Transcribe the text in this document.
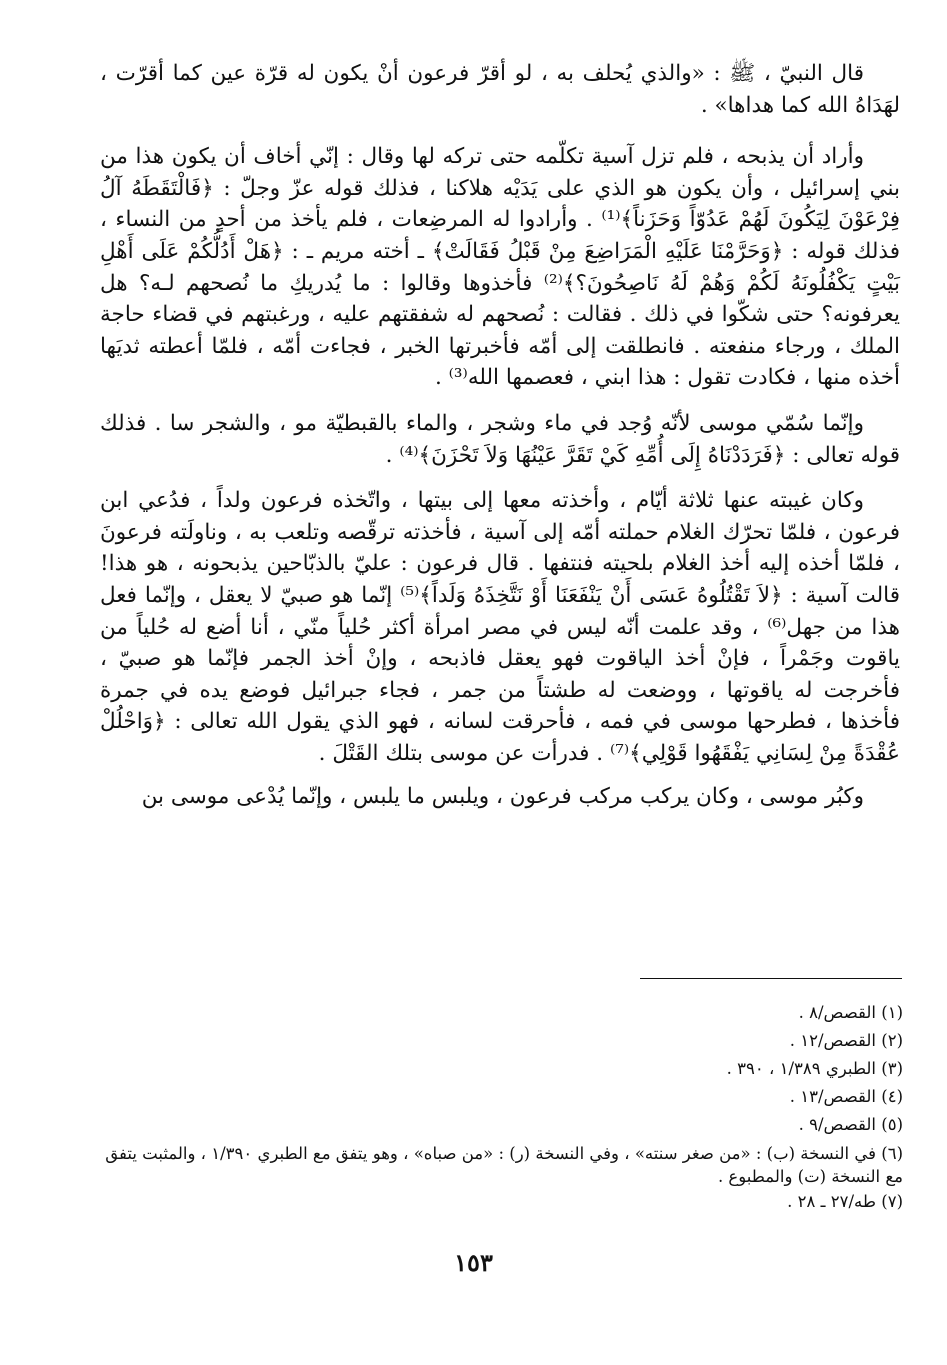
قال النبيّ ، ﷺ : «والذي يُحلف به ، لو أقرّ فرعون أنْ يكون له قرّة عين كما أقرّت ، لهَدَاهُ الله كما هداها» .

وأراد أن يذبحه ، فلم تزل آسية تكلّمه حتى تركه لها وقال : إنّي أخاف أن يكون هذا من بني إسرائيل ، وأن يكون هو الذي على يَدَيْه هلاكنا ، فذلك قوله عزّ وجلّ : ﴿فَالْتَقَطَهُ آلُ فِرْعَوْنَ لِيَكُونَ لَهُمْ عَدُوّاً وَحَزَناً﴾⁽¹⁾ . وأرادوا له المرضِعات ، فلم يأخذ من أحدٍ من النساء ، فذلك قوله : ﴿وَحَرَّمْنَا عَلَيْهِ الْمَرَاضِعَ مِنْ قَبْلُ فَقَالَتْ﴾ ـ أخته مريم ـ : ﴿هَلْ أَدُلُّكُمْ عَلَى أَهْلِ بَيْتٍ يَكْفُلُونَهُ لَكُمْ وَهُمْ لَهُ نَاصِحُونَ؟﴾⁽²⁾ فأخذوها وقالوا : ما يُدريكِ ما نُصحهم لـه؟ هل يعرفونه؟ حتى شكّوا في ذلك . فقالت : نُصحهم له شفقتهم عليه ، ورغبتهم في قضاء حاجة الملك ، ورجاء منفعته . فانطلقت إلى أمّه فأخبرتها الخبر ، فجاءت أمّه ، فلمّا أعطته ثديَها أخذه منها ، فكادت تقول : هذا ابني ، فعصمها الله⁽³⁾ .

وإنّما سُمّي موسى لأنّه وُجد في ماء وشجر ، والماء بالقبطيّة مو ، والشجر سا . فذلك قوله تعالى : ﴿فَرَدَدْنَاهُ إِلَى أُمِّهِ كَيْ تَقَرَّ عَيْنُهَا وَلاَ تَحْزَنَ﴾⁽⁴⁾ .

وكان غيبته عنها ثلاثة أيّام ، وأخذته معها إلى بيتها ، واتّخذه فرعون ولداً ، فدُعي ابن فرعون ، فلمّا تحرّك الغلام حملته أمّه إلى آسية ، فأخذته ترقّصه وتلعب به ، وناولَته فرعونَ ، فلمّا أخذه إليه أخذ الغلام بلحيته فنتفها . قال فرعون : عليّ بالذبّاحين يذبحونه ، هو هذا! قالت آسية : ﴿لاَ تَقْتُلُوهُ عَسَى أَنْ يَنْفَعَنَا أَوْ نَتَّخِذَهُ وَلَداً﴾⁽⁵⁾ إنّما هو صبيّ لا يعقل ، وإنّما فعل هذا من جهل⁽⁶⁾ ، وقد علمت أنّه ليس في مصر امرأة أكثر حُلياً منّي ، أنا أضع له حُلياً من ياقوت وجَمْراً ، فإنْ أخذ الياقوت فهو يعقل فاذبحه ، وإنْ أخذ الجمر فإنّما هو صبيّ ، فأخرجت له ياقوتها ، ووضعت له طشتاً من جمر ، فجاء جبرائيل فوضع يده في جمرة فأخذها ، فطرحها موسى في فمه ، فأحرقت لسانه ، فهو الذي يقول الله تعالى : ﴿وَاحْلُلْ عُقْدَةً مِنْ لِسَانِي يَفْقَهُوا قَوْلِي﴾⁽⁷⁾ . فدرأت عن موسى بتلك القَتْلَ .

وكبُر موسى ، وكان يركب مركب فرعون ، ويلبس ما يلبس ، وإنّما يُدْعى موسى بن

(١) القصص/٨ .

(٢) القصص/١٢ .

(٣) الطبري ١/٣٨٩ ، ٣٩٠ .

(٤) القصص/١٣ .

(٥) القصص/٩ .

(٦) في النسخة (ب) : «من صغر سنته» ، وفي النسخة (ر) : «من صباه» ، وهو يتفق مع الطبري ١/٣٩٠ ، والمثبت يتفق مع النسخة (ت) والمطبوع .

(٧) طه/٢٧ ـ ٢٨ .

١٥٣
